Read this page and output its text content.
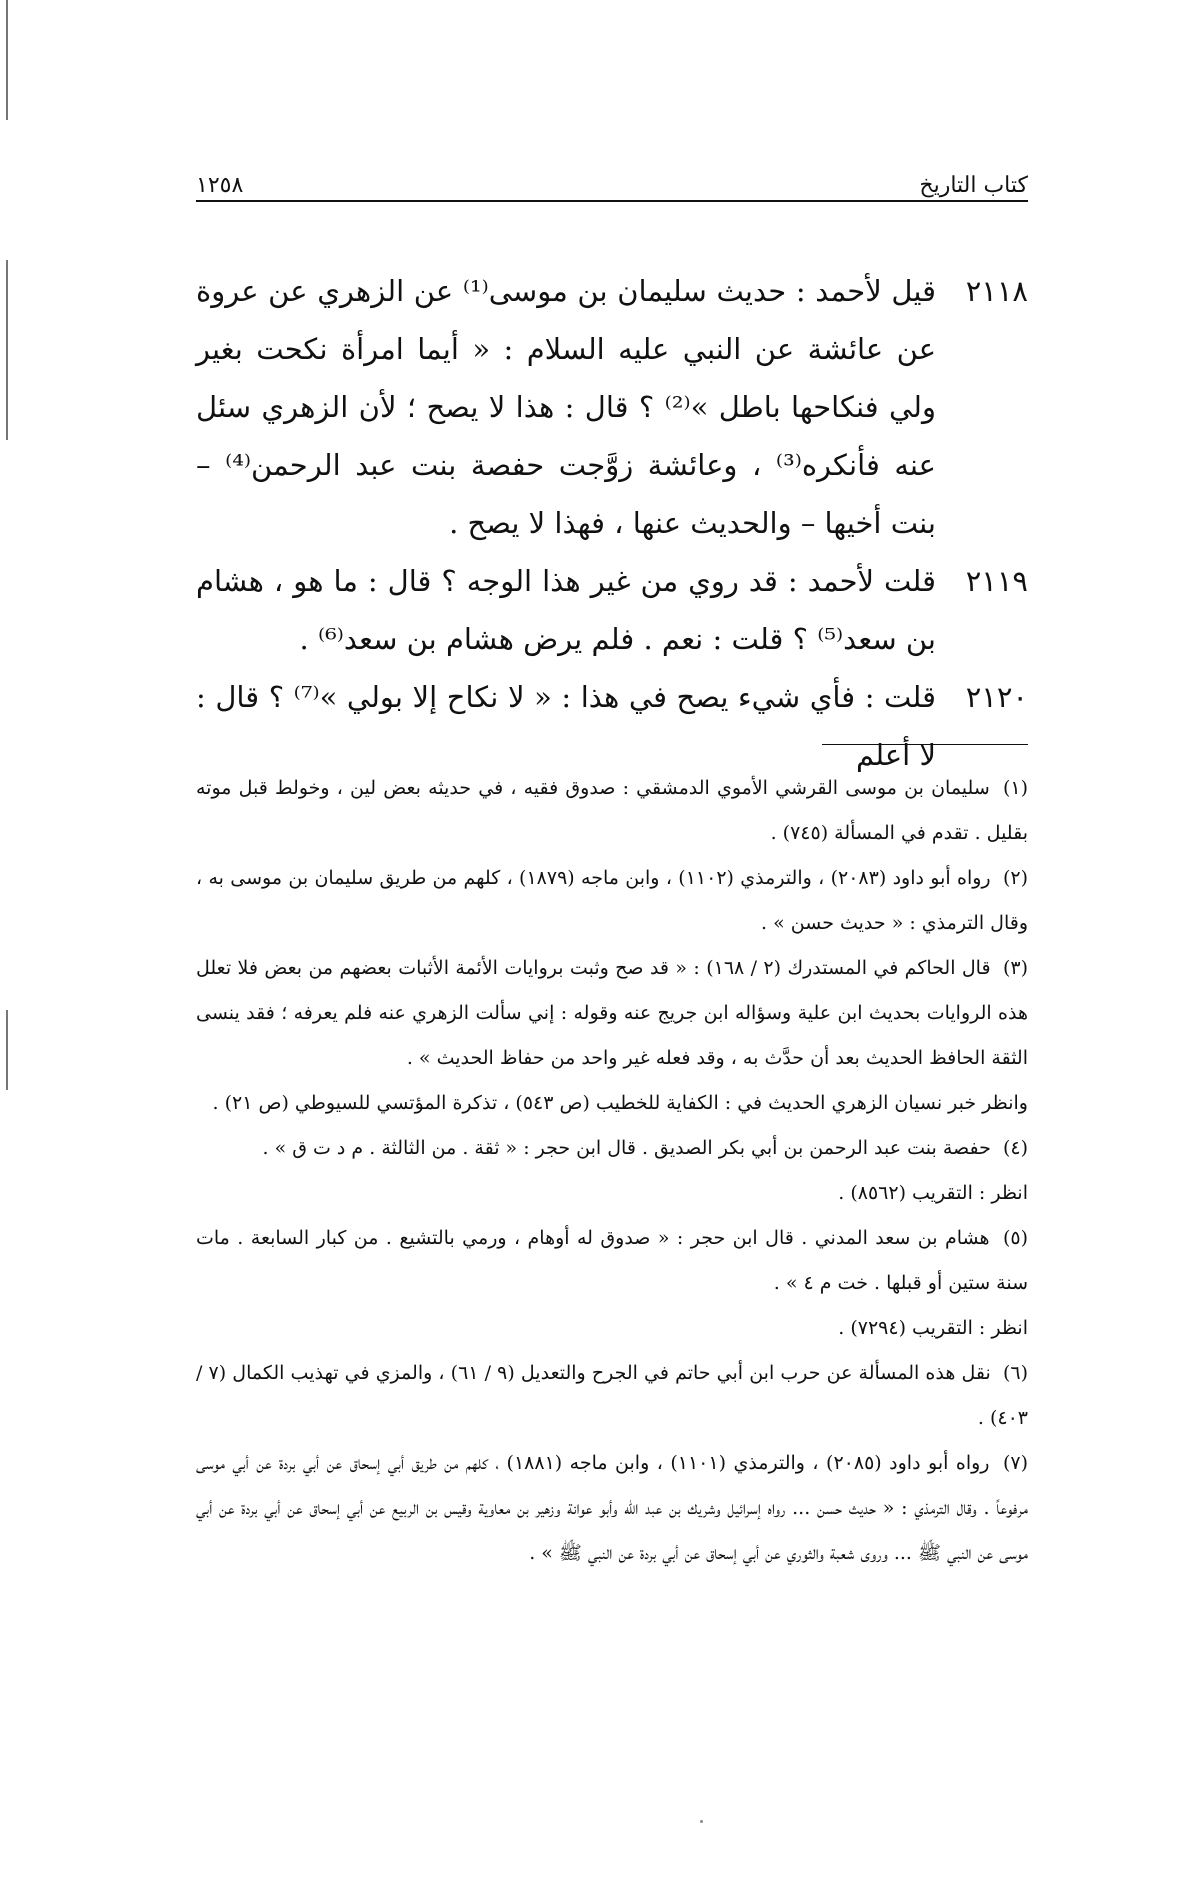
كتاب التاريخ
١٢٥٨
٢١١٨
قيل لأحمد : حديث سليمان بن موسى⁽¹⁾ عن الزهري عن عروة عن عائشة عن النبي عليه السلام : « أيما امرأة نكحت بغير ولي فنكاحها باطل »⁽²⁾ ؟ قال : هذا لا يصح ؛ لأن الزهري سئل عنه فأنكره⁽³⁾ ، وعائشة زوَّجت حفصة بنت عبد الرحمن⁽⁴⁾ – بنت أخيها – والحديث عنها ، فهذا لا يصح .
٢١١٩
قلت لأحمد : قد روي من غير هذا الوجه ؟ قال : ما هو ، هشام بن سعد⁽⁵⁾ ؟ قلت : نعم . فلم يرض هشام بن سعد⁽⁶⁾ .
٢١٢٠
قلت : فأي شيء يصح في هذا : « لا نكاح إلا بولي »⁽⁷⁾ ؟ قال : لا أعلم
(١) سليمان بن موسى القرشي الأموي الدمشقي : صدوق فقيه ، في حديثه بعض لين ، وخولط قبل موته بقليل . تقدم في المسألة (٧٤٥) .
(٢) رواه أبو داود (٢٠٨٣) ، والترمذي (١١٠٢) ، وابن ماجه (١٨٧٩) ، كلهم من طريق سليمان بن موسى به ، وقال الترمذي : « حديث حسن » .
(٣) قال الحاكم في المستدرك (٢ / ١٦٨) : « قد صح وثبت بروايات الأئمة الأثبات بعضهم من بعض فلا تعلل هذه الروايات بحديث ابن علية وسؤاله ابن جريج عنه وقوله : إني سألت الزهري عنه فلم يعرفه ؛ فقد ينسى الثقة الحافظ الحديث بعد أن حدَّث به ، وقد فعله غير واحد من حفاظ الحديث » .
وانظر خبر نسيان الزهري الحديث في : الكفاية للخطيب (ص ٥٤٣) ، تذكرة المؤتسي للسيوطي (ص ٢١) .
(٤) حفصة بنت عبد الرحمن بن أبي بكر الصديق . قال ابن حجر : « ثقة . من الثالثة . م د ت ق » .
انظر : التقريب (٨٥٦٢) .
(٥) هشام بن سعد المدني . قال ابن حجر : « صدوق له أوهام ، ورمي بالتشيع . من كبار السابعة . مات سنة ستين أو قبلها . خت م ٤ » .
انظر : التقريب (٧٢٩٤) .
(٦) نقل هذه المسألة عن حرب ابن أبي حاتم في الجرح والتعديل (٩ / ٦١) ، والمزي في تهذيب الكمال (٧ / ٤٠٣) .
(٧) رواه أبو داود (٢٠٨٥) ، والترمذي (١١٠١) ، وابن ماجه (١٨٨١) ، كلهم من طريق أبي إسحاق عن أبي بردة عن أبي موسى مرفوعاً . وقال الترمذي : « حديث حسن ... رواه إسرائيل وشريك بن عبد الله وأبو عوانة وزهير بن معاوية وقيس بن الربيع عن أبي إسحاق عن أبي بردة عن أبي موسى عن النبي ﷺ ... وروى شعبة والثوري عن أبي إسحاق عن أبي بردة عن النبي ﷺ » .
